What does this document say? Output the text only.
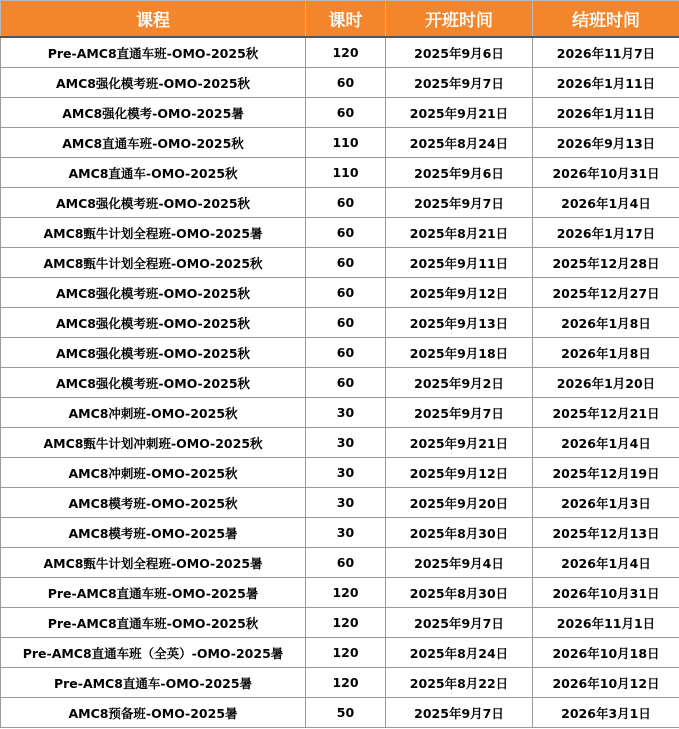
课程	课时	开班时间	结班时间
Pre-AMC8直通车班-OMO-2025秋	120	2025年9月6日	2026年11月7日
AMC8强化模考班-OMO-2025秋	60	2025年9月7日	2026年1月11日
AMC8强化模考-OMO-2025暑	60	2025年9月21日	2026年1月11日
AMC8直通车班-OMO-2025秋	110	2025年8月24日	2026年9月13日
AMC8直通车-OMO-2025秋	110	2025年9月6日	2026年10月31日
AMC8强化模考班-OMO-2025秋	60	2025年9月7日	2026年1月4日
AMC8甄牛计划全程班-OMO-2025暑	60	2025年8月21日	2026年1月17日
AMC8甄牛计划全程班-OMO-2025秋	60	2025年9月11日	2025年12月28日
AMC8强化模考班-OMO-2025秋	60	2025年9月12日	2025年12月27日
AMC8强化模考班-OMO-2025秋	60	2025年9月13日	2026年1月8日
AMC8强化模考班-OMO-2025秋	60	2025年9月18日	2026年1月8日
AMC8强化模考班-OMO-2025秋	60	2025年9月2日	2026年1月20日
AMC8冲刺班-OMO-2025秋	30	2025年9月7日	2025年12月21日
AMC8甄牛计划冲刺班-OMO-2025秋	30	2025年9月21日	2026年1月4日
AMC8冲刺班-OMO-2025秋	30	2025年9月12日	2025年12月19日
AMC8模考班-OMO-2025秋	30	2025年9月20日	2026年1月3日
AMC8模考班-OMO-2025暑	30	2025年8月30日	2025年12月13日
AMC8甄牛计划全程班-OMO-2025暑	60	2025年9月4日	2026年1月4日
Pre-AMC8直通车班-OMO-2025暑	120	2025年8月30日	2026年10月31日
Pre-AMC8直通车班-OMO-2025秋	120	2025年9月7日	2026年11月1日
Pre-AMC8直通车班（全英）-OMO-2025暑	120	2025年8月24日	2026年10月18日
Pre-AMC8直通车-OMO-2025暑	120	2025年8月22日	2026年10月12日
AMC8预备班-OMO-2025暑	50	2025年9月7日	2026年3月1日
